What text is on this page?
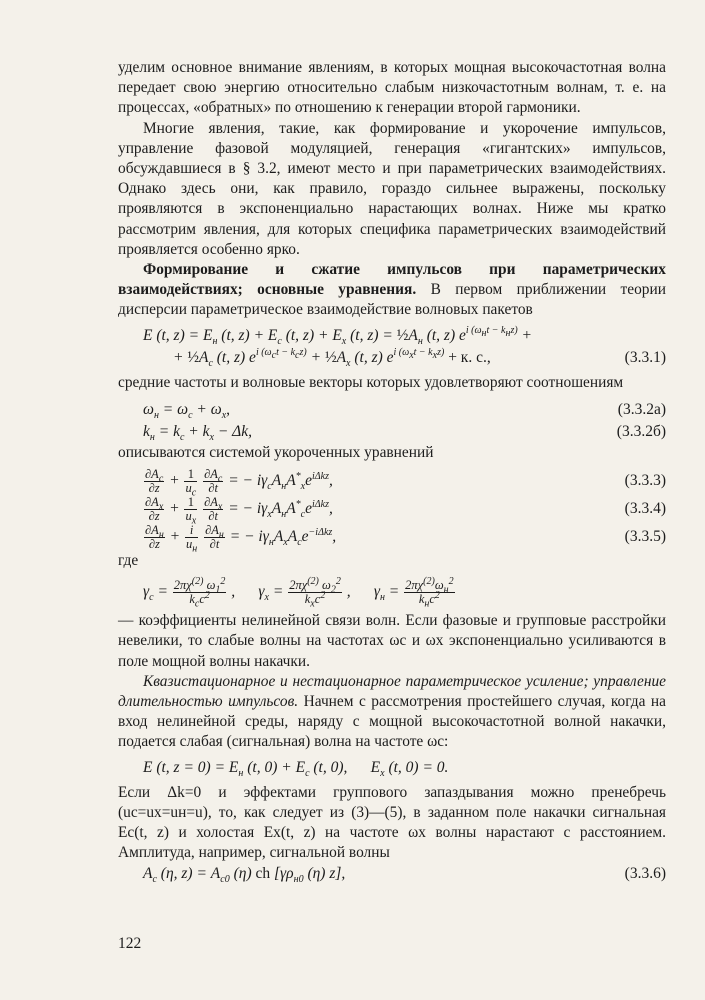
уделим основное внимание явлениям, в которых мощная высокочастотная волна передает свою энергию относительно слабым низкочастотным волнам, т. е. на процессах, «обратных» по отношению к генерации второй гармоники.

Многие явления, такие, как формирование и укорочение импульсов, управление фазовой модуляцией, генерация «гигантских» импульсов, обсуждавшиеся в § 3.2, имеют место и при параметрических взаимодействиях. Однако здесь они, как правило, гораздо сильнее выражены, поскольку проявляются в экспоненциально нарастающих волнах. Ниже мы кратко рассмотрим явления, для которых специфика параметрических взаимодействий проявляется особенно ярко.

Формирование и сжатие импульсов при параметрических взаимодействиях; основные уравнения. В первом приближении теории дисперсии параметрическое взаимодействие волновых пакетов

E (t, $z) = E_н$ (t, $z) + E_с$ (t, $z) + E_х$ (t, $z) = \frac{1}{2}A_н$ (t, z) $e^{i (\omega_нt - k_нz)}$ +
+ $\frac{1}{2}A_с$ (t, z) $e^{i (\omega_сt - k_сz)}$ + $\frac{1}{2}A_х$ (t, z) $e^{i (\omega_хt - k_хz)} + к$. с.,	(3.3.1)

средние частоты и волновые векторы которых удовлетворяют соотношениям

$\omega_н = \omega_с + \omega_х$,	(3.3.2а)
$k_н = k_с + k_х - \Delta k$,	(3.3.2б)

описываются системой укороченных уравнений

$\frac{\partial A_с}{\partial z} + \frac{1}{u_с}$
$\frac{\partial A_с}{\partial t}$ = − $i\gamma_сA_нA^*_хe^{i\Delta kz}$,	(3.3.3)
$\frac{\partial A_х}{\partial z} + \frac{1}{u_х}$
$\frac{\partial A_х}{\partial t}$ = − $i\gamma_хA_нA^*_сe^{i\Delta kz}$,	(3.3.4)
$\frac{\partial A_н}{\partial z} + \frac{i}{u_н}$
$\frac{\partial A_н}{\partial t}$ = − $i\gamma_нA_хA_сe^{-i\Delta kz}$,	(3.3.5)

где

$\gamma_с = \frac{2\pi\chi^{(2)} \omega_1^2}{k_сc^2}$ ,      $\gamma_х = \frac{2\pi\chi^{(2)} \omega_2^2}{k_хc^2}$ ,      $\gamma_н = \frac{2\pi\chi^{(2)}\omega_н^2}{k_нc^2}$

— коэффициенты нелинейной связи волн. Если фазовые и групповые расстройки невелики, то слабые волны на частотах ωс и ωх экспоненциально усиливаются в поле мощной волны накачки.

Квазистационарное и нестационарное параметрическое усиление; управление длительностью импульсов. Начнем с рассмотрения простейшего случая, когда на вход нелинейной среды, наряду с мощной высокочастотной волной накачки, подается слабая (сигнальная) волна на частоте ωс:

E (t, $z = 0) = E_н$ (t, $0) + E_с$ (t, 0),      $E_х$ (t, 0) = 0.

Если Δk=0 и эффектами группового запаздывания можно пренебречь (uс=uх=uн=u), то, как следует из (3)—(5), в заданном поле накачки сигнальная Eс(t, z) и холостая Eх(t, z) на частоте ωх волны нарастают с расстоянием. Амплитуда, например, сигнальной волны

$A_с$ (η, $z) = A_{с0}$ (η) ch [$\gamma\rho_{н0}$ (η) z],	(3.3.6)
122
